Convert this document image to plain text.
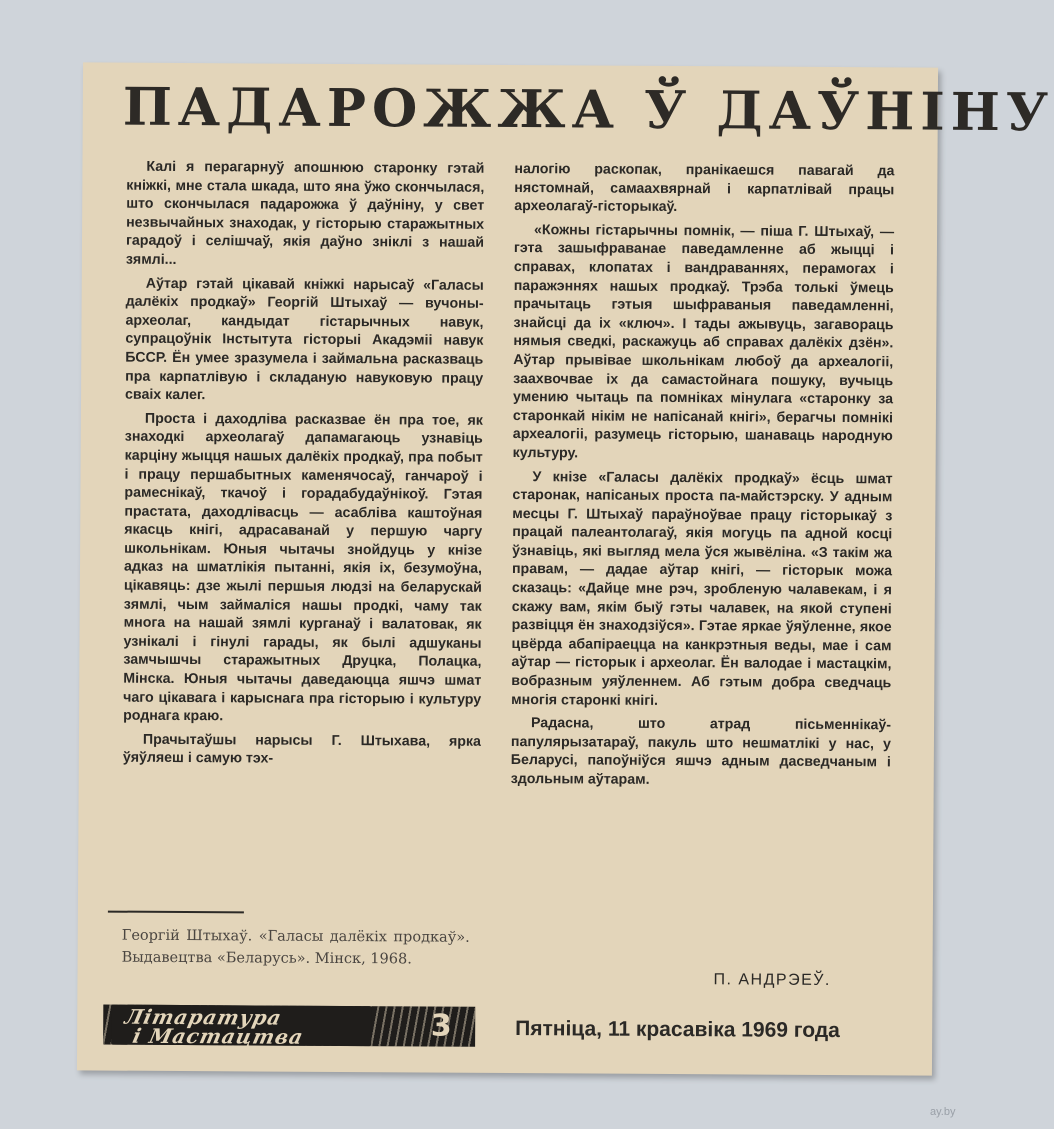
ПАДАРОЖЖА Ў ДАЎНІНУ

Калі я перагарнуў апошнюю старонку гэтай кніжкі, мне стала шкада, што яна ўжо скончылася, што скончылася падарожжа ў даўніну, у свет незвычайных знаходак, у гісторыю старажытных гарадоў і селішчаў, якія даўно зніклі з нашай зямлі...

Аўтар гэтай цікавай кніжкі нарысаў «Галасы далёкіх продкаў» Георгій Штыхаў — вучоны-археолаг, кандыдат гістарычных навук, супрацоўнік Інстытута гісторыі Акадэміі навук БССР. Ён умее зразумела і займальна расказваць пра карпатлівую і складаную навуковую працу сваіх калег.

Проста і даходліва расказвае ён пра тое, як знаходкі археолагаў дапамагаюць узнавіць карціну жыцця нашых далёкіх продкаў, пра побыт і працу першабытных каменячосаў, ганчароў і рамеснікаў, ткачоў і горадабудаўнікоў. Гэтая прастата, даходлівасць — асаблівa каштоўная якасць кнігі, адрасаванай у першую чаргу школьнікам. Юныя чытачы знойдуць у кнізе адказ на шматлікія пытанні, якія іх, безумоўна, цікавяць: дзе жылі першыя людзі на беларускай зямлі, чым займаліся нашы продкі, чаму так многа на нашай зямлі курганаў і валатовак, як узнікалі і гінулі гарады, як былі адшуканы замчышчы старажытных Друцка, Полацка, Мінска. Юныя чытачы даведаюцца яшчэ шмат чаго цікавага і карыснага пра гісторыю і культуру роднага краю.

Прачытаўшы нарысы Г. Штыхава, ярка ўяўляеш і самую тэх-

налогію раскопак, пранікаешся павагай да нястомнай, самаахвярнай і карпатлівай працы археолагаў-гісторыкаў.

«Кожны гістарычны помнік, — піша Г. Штыхаў, — гэта зашыфраванае паведамленне аб жыцці і справах, клопатах і вандраваннях, перамогах і паражэннях нашых продкаў. Трэба толькі ўмець прачытаць гэтыя шыфраваныя паведамленні, знайсці да іх «ключ». І тады ажывуць, загавораць нямыя сведкі, раскажуць аб справах далёкіх дзён». Аўтар прывівае школьнікам любоў да археалогіі, заахвочвае іх да самастойнага пошуку, вучыць умению чытаць па помніках мінулага «старонку за старонкай нікім не напісанай кнігі», берагчы помнікі археалогіі, разумець гісторыю, шанаваць народную культуру.

У кнізе «Галасы далёкіх продкаў» ёсць шмат старонак, напісаных проста па-майстэрску. У адным месцы Г. Штыхаў параўноўвае працу гісторыкаў з працай палеантолагаў, якія могуць па адной косці ўзнавіць, які выгляд мела ўся жывёліна. «З такім жа правам, — дадае аўтар кнігі, — гісторык можа сказаць: «Дайце мне рэч, зробленую чалавекам, і я скажу вам, якім быў гэты чалавек, на якой ступені развіцця ён знаходзіўся». Гэтае яркае ўяўленне, якое цвёрда абапіраецца на канкрэтныя веды, мае і сам аўтар — гісторык і археолаг. Ён валодае і мастацкім, вобразным уяўленнем. Аб гэтым добра сведчаць многія старонкі кнігі.

Радасна, што атрад пісьменнікаў-папулярызатараў, пакуль што нешматлікі у нас, у Беларусі, папоўніўся яшчэ адным дасведчаным і здольным аўтарам.

Георгій Штыхаў. «Галасы далёкіх продкаў». Выдавецтва «Беларусь». Мінск, 1968.
П. АНДРЭЕЎ.
Літаратура
і Мастацтва	3	Пятніца, 11 красавіка 1969 года
ay.by
